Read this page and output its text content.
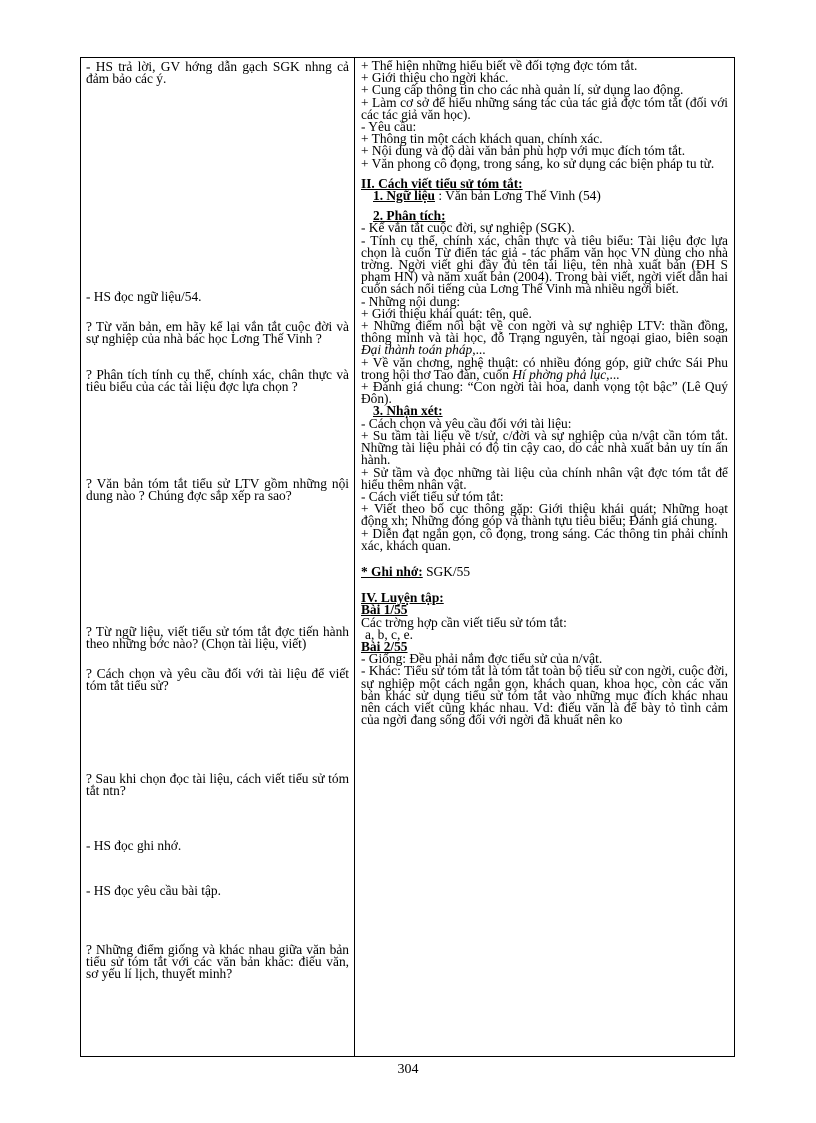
- HS trả lời, GV hớng dẫn gạch SGK nhng cả đảm bảo các ý.

- HS đọc ngữ liệu/54.

? Từ văn bản, em hãy kể lại vắn tắt cuộc đời và sự nghiệp của nhà bác học Lơng Thế Vinh ?

? Phân tích tính cụ thể, chính xác, chân thực và tiêu biểu của các tài liệu đợc lựa chọn ?

? Văn bản tóm tắt tiểu sử LTV gồm những nội dung nào ? Chúng đợc sắp xếp ra sao?

? Từ ngữ liệu, viết tiểu sử tóm tắt đợc tiến hành theo những bớc nào? (Chọn tài liệu, viết)

? Cách chọn và yêu cầu đối với tài liệu để viết tóm tắt tiểu sử?

? Sau khi chọn đọc tài liệu, cách viết tiểu sử tóm tắt ntn?

- HS đọc ghi nhớ.

- HS đọc yêu cầu bài tập.

? Những điểm giống và khác nhau giữa văn bản tiểu sử tóm tắt với các văn bản khác: điếu văn, sơ yếu lí lịch, thuyết minh?

+ Thể hiện những hiểu biết về đối tợng đợc tóm tắt.

+ Giới thiệu cho ngời khác.

+ Cung cấp thông tin cho các nhà quản lí, sử dụng lao động.

+ Làm cơ sở để hiểu những sáng tác của tác giả đợc tóm tắt (đối với các tác giả văn học).

- Yêu cầu:

+ Thông tin một cách khách quan, chính xác.

+ Nội dung và độ dài văn bản phù hợp với mục đích tóm tắt.

+ Văn phong cô đọng, trong sáng, ko sử dụng các biện pháp tu từ.

II. Cách viết tiểu sử tóm tắt:

1. Ngữ liệu : Văn bản Lơng Thế Vinh (54)

2. Phân tích:

- Kể vắn tắt cuộc đời, sự nghiệp (SGK).

- Tính cụ thể, chính xác, chân thực và tiêu biểu: Tài liệu đợc lựa chọn là cuốn Từ điển tác giả - tác phẩm văn học VN dùng cho nhà trờng. Ngời viết ghi đầy đủ tên tài liệu, tên nhà xuất bản (ĐH S phạm HN) và năm xuất bản (2004). Trong bài viết, ngời viết dẫn hai cuốn sách nổi tiếng của Lơng Thế Vinh mà nhiều ngời biết.

- Những nội dung:

+ Giới thiệu khái quát: tên, quê.

+ Những điểm nổi bật về con ngời và sự nghiệp LTV: thần đồng, thông minh và tài học, đỗ Trạng nguyên, tài ngoại giao, biên soạn Đại thành toán pháp,...

+ Về văn chơng, nghệ thuật: có nhiều đóng góp, giữ chức Sái Phu trong hội thơ Tao đàn, cuốn Hí phờng phả lục,...

+ Đánh giá chung: “Con ngời tài hoa, danh vọng tột bậc” (Lê Quý Đôn).

3. Nhận xét:

- Cách chọn và yêu cầu đối với tài liệu:

+ Su tầm tài liệu về t/sử, c/đời và sự nghiệp của n/vật cần tóm tắt. Những tài liệu phải có độ tin cậy cao, do các nhà xuất bản uy tín ấn hành.

+ Sử tầm và đọc những tài liệu của chính nhân vật đợc tóm tắt để hiểu thêm nhân vật.

- Cách viết tiểu sử tóm tắt:

+ Viết theo bố cục thông gặp: Giới thiệu khái quát; Những hoạt động xh; Những đóng góp và thành tựu tiêu biểu; Đánh giá chung.

+ Diễn đạt ngắn gọn, cô đọng, trong sáng. Các thông tin phải chính xác, khách quan.

* Ghi nhớ: SGK/55

IV. Luyện tập:

Bài 1/55

Các trờng hợp cần viết tiểu sử tóm tắt:

a, b, c, e.

Bài 2/55

- Giống: Đều phải nắm đợc tiểu sử của n/vật.

- Khác: Tiểu sử tóm tắt là tóm tắt toàn bộ tiểu sử con ngời, cuộc đời, sự nghiệp một cách ngắn gọn, khách quan, khoa học, còn các văn bản khác sử dụng tiểu sử tóm tắt vào những mục đích khác nhau nên cách viết cũng khác nhau. Vd: điếu văn là để bày tỏ tình cảm của ngời đang sống đối với ngời đã khuất nên ko

304
